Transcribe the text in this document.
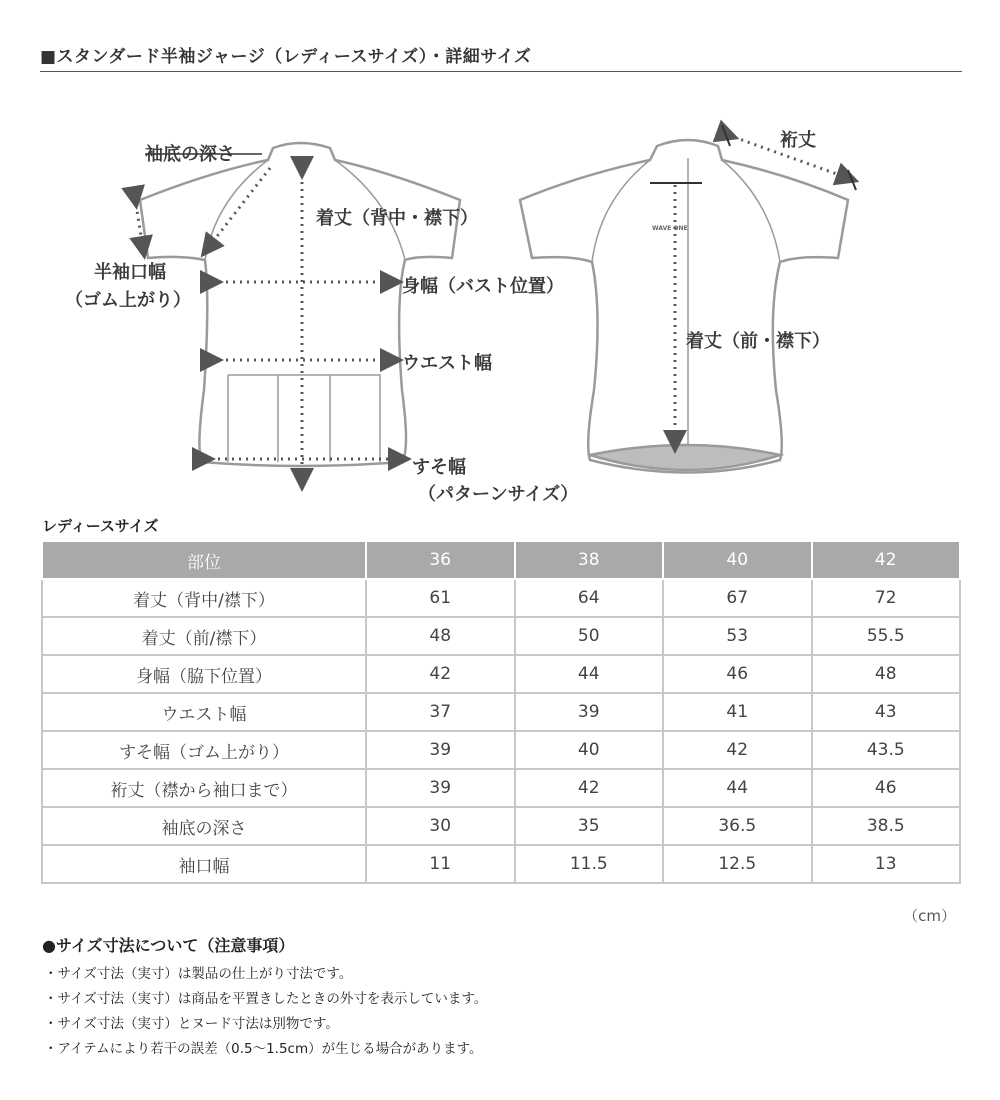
■スタンダード半袖ジャージ（レディースサイズ）・詳細サイズ
WAVE ONE
袖底の深さ
半袖口幅
（ゴム上がり）
着丈（背中・襟下）
身幅（バスト位置）
ウエスト幅
すそ幅
（パターンサイズ）
裄丈
着丈（前・襟下）
レディースサイズ
部位	36	38	40	42
着丈（背中/襟下）	61	64	67	72
着丈（前/襟下）	48	50	53	55.5
身幅（脇下位置）	42	44	46	48
ウエスト幅	37	39	41	43
すそ幅（ゴム上がり）	39	40	42	43.5
裄丈（襟から袖口まで）	39	42	44	46
袖底の深さ	30	35	36.5	38.5
袖口幅	11	11.5	12.5	13
（cm）
●サイズ寸法について（注意事項）
・サイズ寸法（実寸）は製品の仕上がり寸法です。
・サイズ寸法（実寸）は商品を平置きしたときの外寸を表示しています。
・サイズ寸法（実寸）とヌード寸法は別物です。
・アイテムにより若干の誤差（0.5〜1.5cm）が生じる場合があります。
